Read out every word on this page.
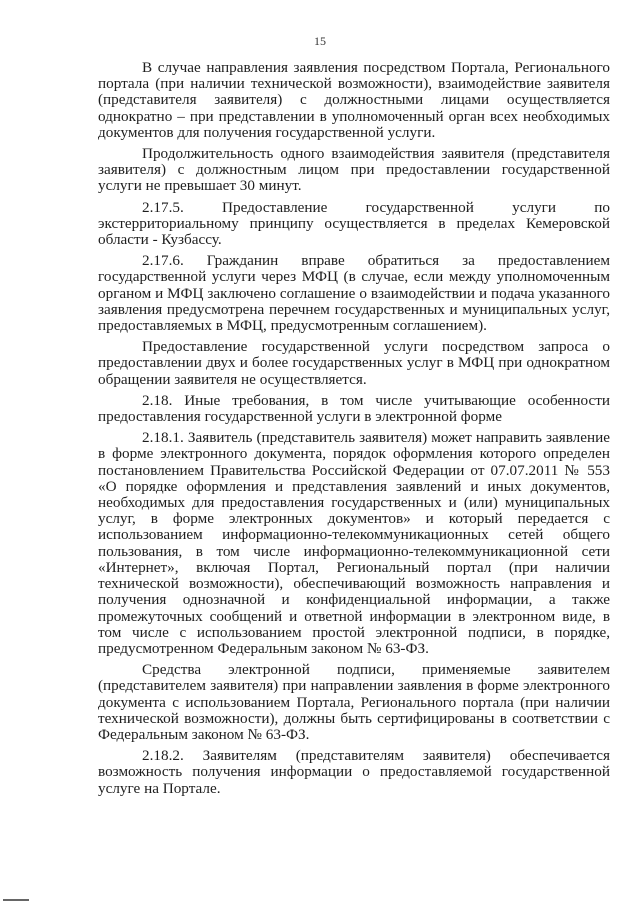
15

В случае направления заявления посредством Портала, Регионального портала (при наличии технической возможности), взаимодействие заявителя (представителя заявителя) с должностными лицами осуществляется однократно – при представлении в уполномоченный орган всех необходимых документов для получения государственной услуги.

Продолжительность одного взаимодействия заявителя (представителя заявителя) с должностным лицом при предоставлении государственной услуги не превышает 30 минут.

2.17.5. Предоставление государственной услуги по экстерриториальному принципу осуществляется в пределах Кемеровской области - Кузбассу.

2.17.6. Гражданин вправе обратиться за предоставлением государственной услуги через МФЦ (в случае, если между уполномоченным органом и МФЦ заключено соглашение о взаимодействии и подача указанного заявления предусмотрена перечнем государственных и муниципальных услуг, предоставляемых в МФЦ, предусмотренным соглашением).

Предоставление государственной услуги посредством запроса о предоставлении двух и более государственных услуг в МФЦ при однократном обращении заявителя не осуществляется.

2.18. Иные требования, в том числе учитывающие особенности предоставления государственной услуги в электронной форме

2.18.1. Заявитель (представитель заявителя) может направить заявление в форме электронного документа, порядок оформления которого определен постановлением Правительства Российской Федерации от 07.07.2011 № 553 «О порядке оформления и представления заявлений и иных документов, необходимых для предоставления государственных и (или) муниципальных услуг, в форме электронных документов» и который передается с использованием информационно-телекоммуникационных сетей общего пользования, в том числе информационно-телекоммуникационной сети «Интернет», включая Портал, Региональный портал (при наличии технической возможности), обеспечивающий возможность направления и получения однозначной и конфиденциальной информации, а также промежуточных сообщений и ответной информации в электронном виде, в том числе с использованием простой электронной подписи, в порядке, предусмотренном Федеральным законом № 63-ФЗ.

Средства электронной подписи, применяемые заявителем (представителем заявителя) при направлении заявления в форме электронного документа с использованием Портала, Регионального портала (при наличии технической возможности), должны быть сертифицированы в соответствии с Федеральным законом № 63-ФЗ.

2.18.2. Заявителям (представителям заявителя) обеспечивается возможность получения информации о предоставляемой государственной услуге на Портале.
